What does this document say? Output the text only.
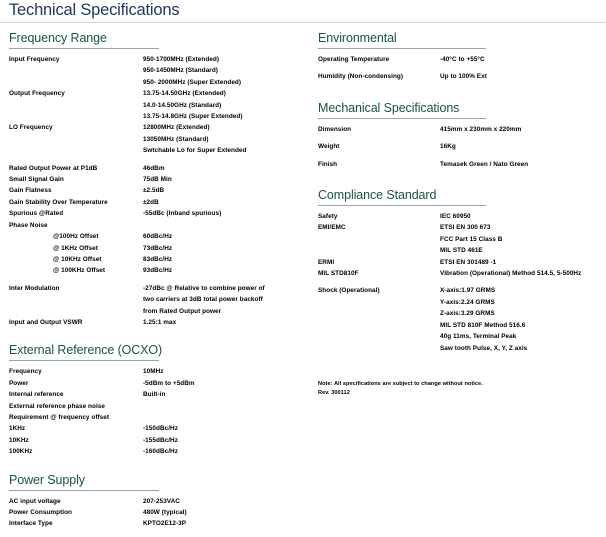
Technical Specifications
Frequency Range
Input Frequency	950-1700MHz (Extended)
950-1450MHz (Standard)
950- 2000MHz (Super Extended)
Output Frequency	13.75-14.50GHz (Extended)
14.0-14.50GHz (Standard)
13.75-14.8GHz (Super Extended)
LO Frequency	12800MHz (Extended)
13050MHz (Standard)
Swtchable Lo for Super Extended
Rated Output Power at P1dB	46dBm
Small Signal Gain	75dB Min
Gain Flatness	±2.5dB
Gain Stability Over Temperature	±2dB
Spurious @Rated	-55dBc (Inband spurious)
Phase Noise
@100Hz Offset	60dBc/Hz
@ 1KHz Offset	73dBc/Hz
@ 10KHz Offset	83dBc/Hz
@ 100KHz Offset	93dBc/Hz
Inter Modulation	-27dBc @ Relative to combine power of
two carriers at 3dB total power backoff
from Rated Output power
Input and Output VSWR	1.25:1 max
External Reference (OCXO)
Frequency	10MHz
Power	-5dBm to +5dBm
Internal reference	Built-in
External reference phase noise
Requirement @ frequency offset
1KHz	-150dBc/Hz
10KHz	-155dBc/Hz
100KHz	-160dBc/Hz
Power Supply
AC input voltage	207-253VAC
Power Consumption	480W (typical)
Interface Type	KPTO2E12-3P
Environmental
Operating Temperature	-40°C to +55°C
Humidity (Non-condensing)	Up to 100% Ext
Mechanical Specifications
Dimension	415mm x 230mm x 220mm
Weight	16Kg
Finish	Temasek Green / Nato Green
Compliance Standard
Safety	IEC 60950
EMI/EMC	ETSI EN 300 673
FCC Part 15 Class B
MIL STD 461E
ERMI	ETSI EN 301489 -1
MIL STD810F	Vibration (Operational) Method 514.5, 5-500Hz
Shock (Operational)	X-axis:1.97 GRMS
Y-axis:2.24 GRMS
Z-axis:3.29 GRMS
MIL STD 810F Method 516.6
40g 11ms, Terminal Peak
Saw tooth Pulse, X, Y, Z axis
Note: All specifications are subject to change without notice.
Rev. 300112
